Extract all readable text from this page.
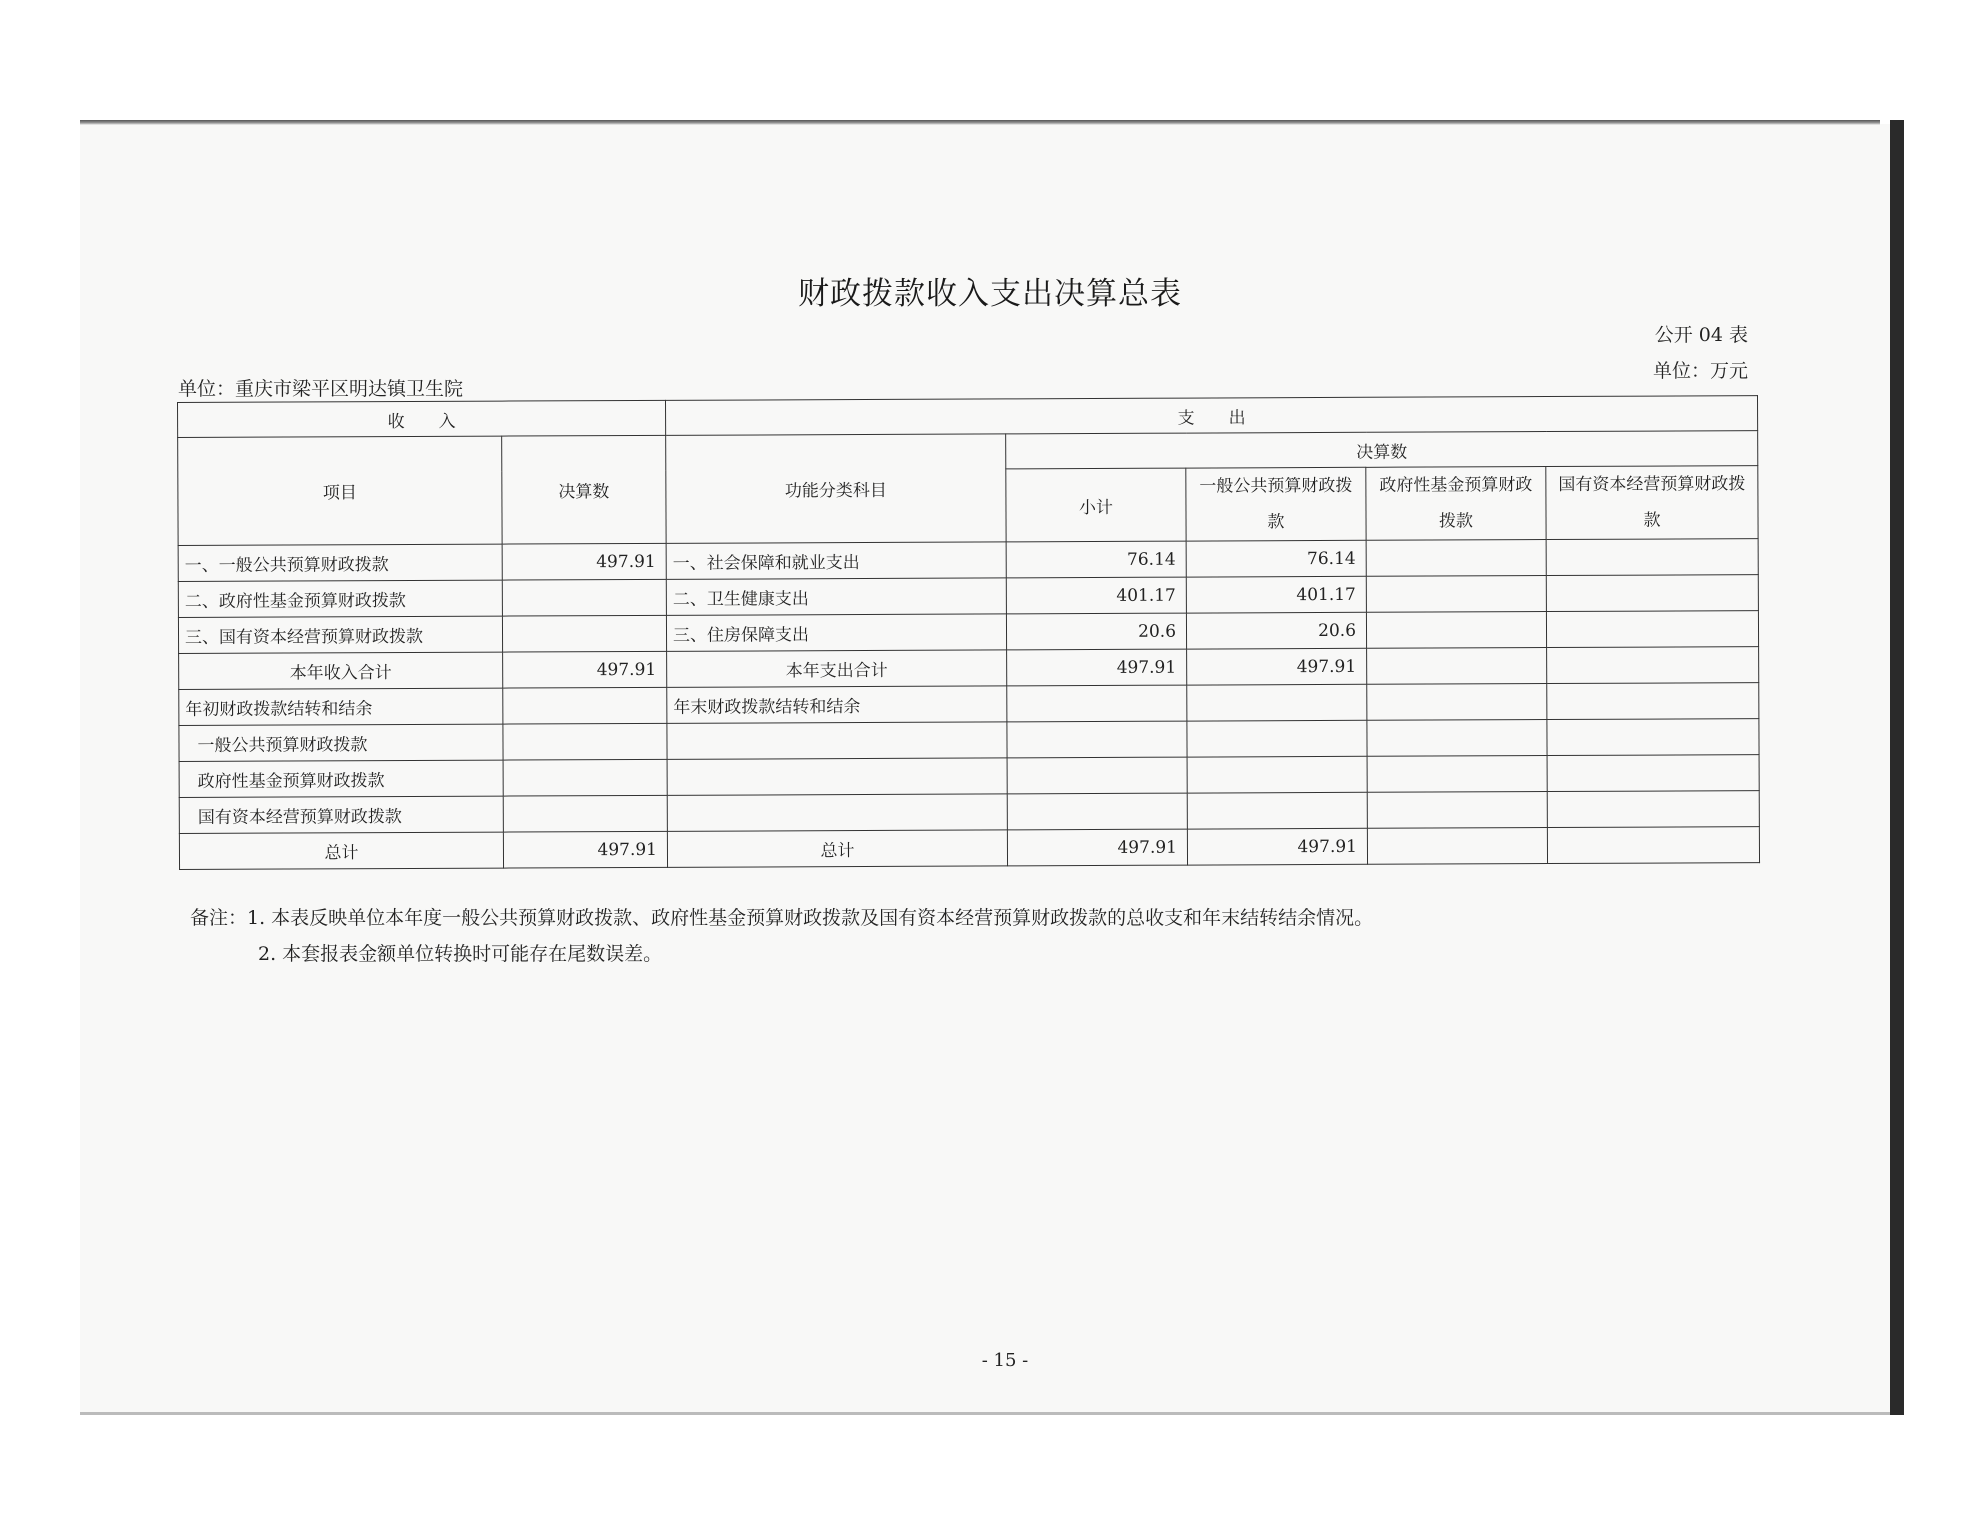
财政拨款收入支出决算总表
公开 04 表
单位：万元
单位：重庆市梁平区明达镇卫生院
收　　入		支　　出				
项目	决算数	功能分类科目	决算数			
			小计	一般公共预算财政拨款	政府性基金预算财政拨款	国有资本经营预算财政拨款

一、一般公共预算财政拨款	497.91	一、社会保障和就业支出	76.14	76.14		
二、政府性基金预算财政拨款		二、卫生健康支出	401.17	401.17		
三、国有资本经营预算财政拨款		三、住房保障支出	20.6	20.6		
本年收入合计	497.91	本年支出合计	497.91	497.91		
年初财政拨款结转和结余		年末财政拨款结转和结余				
一般公共预算财政拨款						
政府性基金预算财政拨款						
国有资本经营预算财政拨款						
总计	497.91	总计	497.91	497.91		
备注：1. 本表反映单位本年度一般公共预算财政拨款、政府性基金预算财政拨款及国有资本经营预算财政拨款的总收支和年末结转结余情况。
2. 本套报表金额单位转换时可能存在尾数误差。
- 15 -
